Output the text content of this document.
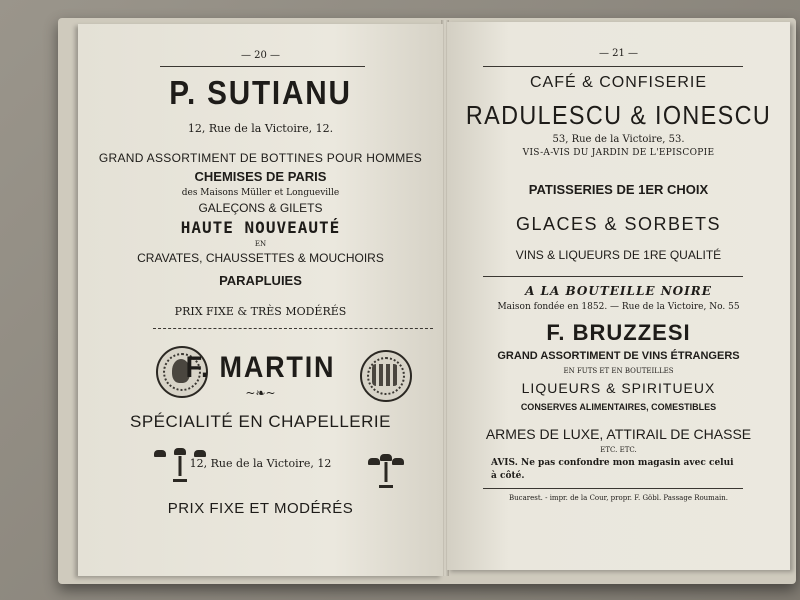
— 20 —
P. SUTIANU
12, Rue de la Victoire, 12.
GRAND ASSORTIMENT DE BOTTINES POUR HOMMES
CHEMISES DE PARIS
des Maisons Müller et Longueville
GALEÇONS & GILETS
HAUTE NOUVEAUTÉ
EN
CRAVATES, CHAUSSETTES & MOUCHOIRS
PARAPLUIES
PRIX FIXE & TRÈS MODÉRÉS
F. MARTIN
~❧~
SPÉCIALITÉ EN CHAPELLERIE
12, Rue de la Victoire, 12
PRIX FIXE ET MODÉRÉS
— 21 —
CAFÉ & CONFISERIE
RADULESCU & IONESCU
53, Rue de la Victoire, 53.
VIS-A-VIS DU JARDIN DE L'EPISCOPIE
PATISSERIES DE 1ER CHOIX
GLACES & SORBETS
VINS & LIQUEURS DE 1RE QUALITÉ
A LA BOUTEILLE NOIRE
Maison fondée en 1852. — Rue de la Victoire, No. 55
F. BRUZZESI
GRAND ASSORTIMENT DE VINS ÉTRANGERS
EN FUTS ET EN BOUTEILLES
LIQUEURS & SPIRITUEUX
CONSERVES ALIMENTAIRES, COMESTIBLES
ARMES DE LUXE, ATTIRAIL DE CHASSE
ETC. ETC.
AVIS. Ne pas confondre mon magasin avec celui
à côté.
Bucarest. - impr. de la Cour, propr. F. Göbl. Passage Roumain.
